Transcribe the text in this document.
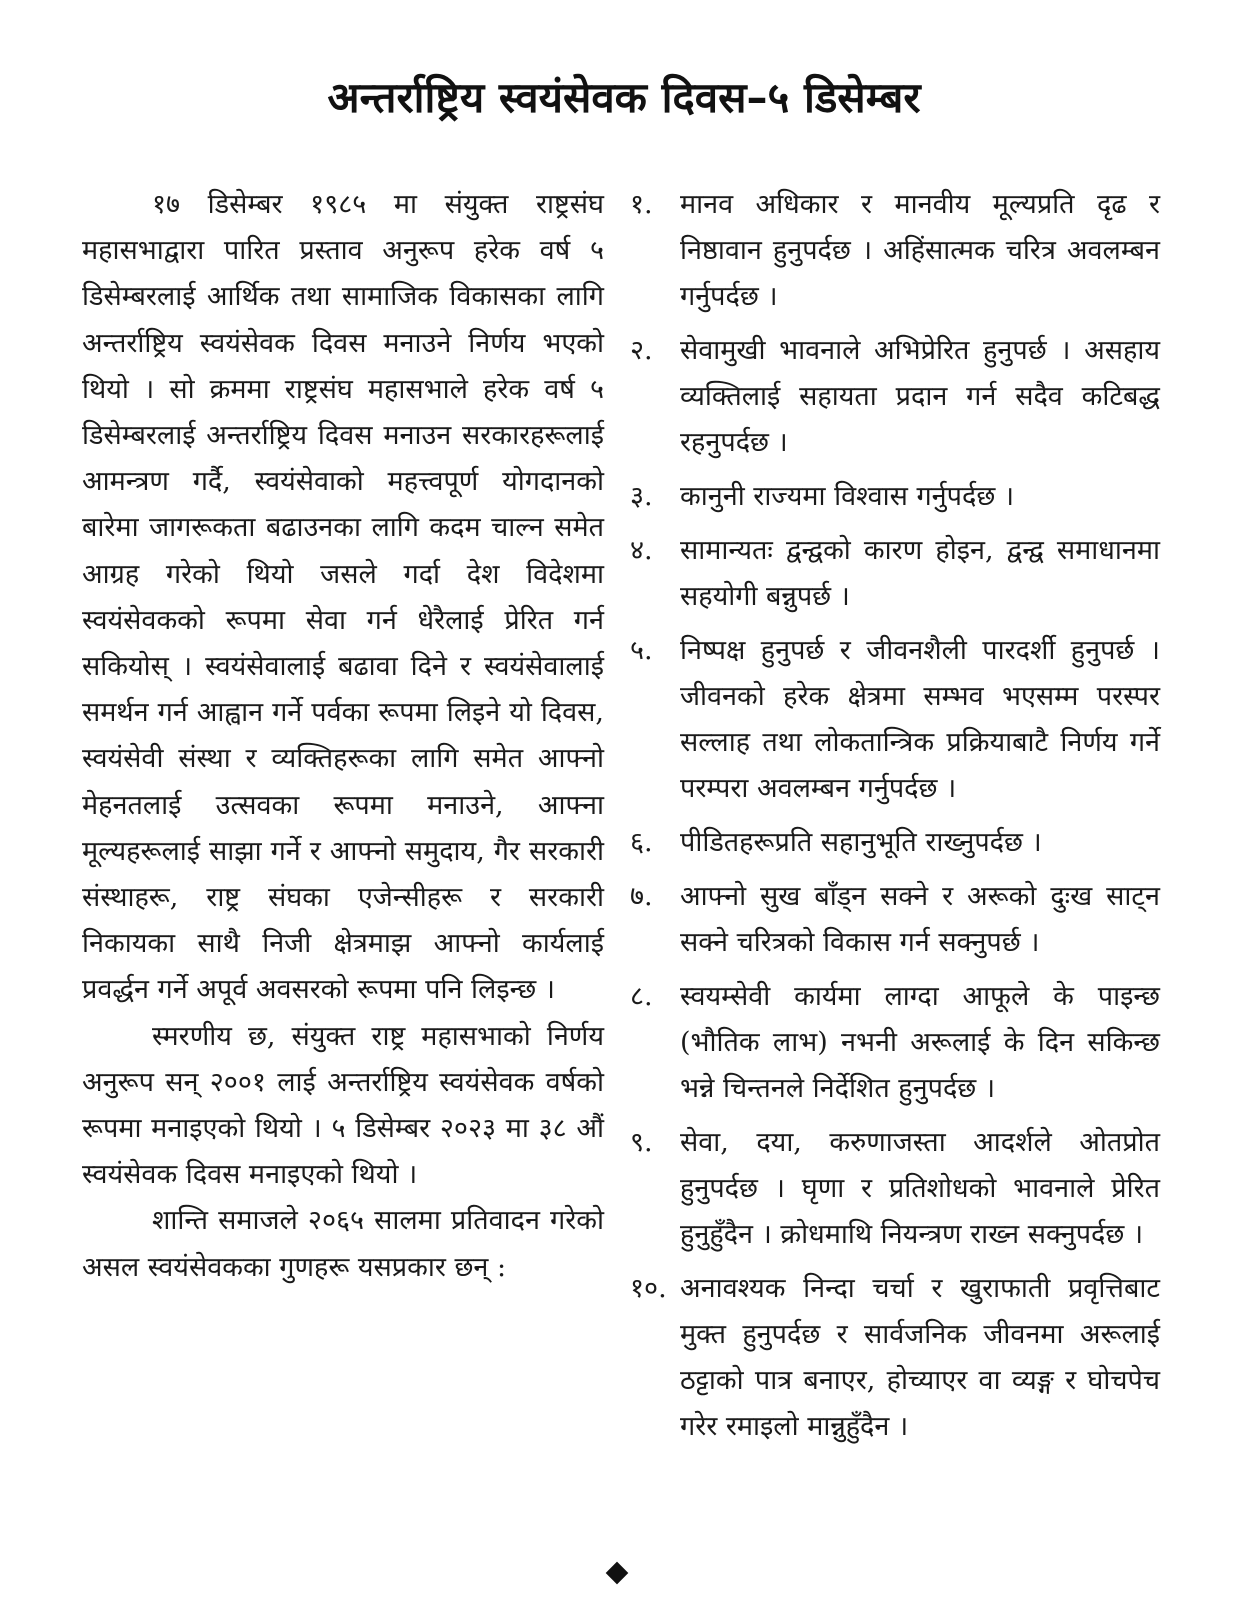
अन्तर्राष्ट्रिय स्वयंसेवक दिवस–५ डिसेम्बर

१७ डिसेम्बर १९८५ मा संयुक्त राष्ट्रसंघ महासभाद्वारा पारित प्रस्ताव अनुरूप हरेक वर्ष ५ डिसेम्बरलाई आर्थिक तथा सामाजिक विकासका लागि अन्तर्राष्ट्रिय स्वयंसेवक दिवस मनाउने निर्णय भएको थियो । सो क्रममा राष्ट्रसंघ महासभाले हरेक वर्ष ५ डिसेम्बरलाई अन्तर्राष्ट्रिय दिवस मनाउन सरकारहरूलाई आमन्त्रण गर्दै, स्वयंसेवाको महत्त्वपूर्ण योगदानको बारेमा जागरूकता बढाउनका लागि कदम चाल्न समेत आग्रह गरेको थियो जसले गर्दा देश विदेशमा स्वयंसेवकको रूपमा सेवा गर्न धेरैलाई प्रेरित गर्न सकियोस् । स्वयंसेवालाई बढावा दिने र स्वयंसेवालाई समर्थन गर्न आह्वान गर्ने पर्वका रूपमा लिइने यो दिवस, स्वयंसेवी संस्था र व्यक्तिहरूका लागि समेत आफ्नो मेहनतलाई उत्सवका रूपमा मनाउने, आफ्ना मूल्यहरूलाई साझा गर्ने र आफ्नो समुदाय, गैर सरकारी संस्थाहरू, राष्ट्र संघका एजेन्सीहरू र सरकारी निकायका साथै निजी क्षेत्रमाझ आफ्नो कार्यलाई प्रवर्द्धन गर्ने अपूर्व अवसरको रूपमा पनि लिइन्छ ।

स्मरणीय छ, संयुक्त राष्ट्र महासभाको निर्णय अनुरूप सन् २००१ लाई अन्तर्राष्ट्रिय स्वयंसेवक वर्षको रूपमा मनाइएको थियो । ५ डिसेम्बर २०२३ मा ३८ औं स्वयंसेवक दिवस मनाइएको थियो ।

शान्ति समाजले २०६५ सालमा प्रतिवादन गरेको असल स्वयंसेवकका गुणहरू यसप्रकार छन् :

१.	मानव अधिकार र मानवीय मूल्यप्रति दृढ र निष्ठावान हुनुपर्दछ । अहिंसात्मक चरित्र अवलम्बन गर्नुपर्दछ ।
२.	सेवामुखी भावनाले अभिप्रेरित हुनुपर्छ । असहाय व्यक्तिलाई सहायता प्रदान गर्न सदैव कटिबद्ध रहनुपर्दछ ।
३.	कानुनी राज्यमा विश्वास गर्नुपर्दछ ।
४.	सामान्यतः द्वन्द्वको कारण होइन, द्वन्द्व समाधानमा सहयोगी बन्नुपर्छ ।
५.	निष्पक्ष हुनुपर्छ र जीवनशैली पारदर्शी हुनुपर्छ । जीवनको हरेक क्षेत्रमा सम्भव भएसम्म परस्पर सल्लाह तथा लोकतान्त्रिक प्रक्रियाबाटै निर्णय गर्ने परम्परा अवलम्बन गर्नुपर्दछ ।
६.	पीडितहरूप्रति सहानुभूति राख्नुपर्दछ ।
७.	आफ्नो सुख बाँड्न सक्ने र अरूको दुःख साट्न सक्ने चरित्रको विकास गर्न सक्नुपर्छ ।
८.	स्वयम्सेवी कार्यमा लाग्दा आफूले के पाइन्छ (भौतिक लाभ) नभनी अरूलाई के दिन सकिन्छ भन्ने चिन्तनले निर्देशित हुनुपर्दछ ।
९.	सेवा, दया, करुणाजस्ता आदर्शले ओतप्रोत हुनुपर्दछ । घृणा र प्रतिशोधको भावनाले प्रेरित हुनुहुँदैन । क्रोधमाथि नियन्त्रण राख्न सक्नुपर्दछ ।
१०. अनावश्यक निन्दा चर्चा र खुराफाती प्रवृत्तिबाट मुक्त हुनुपर्दछ र सार्वजनिक जीवनमा अरूलाई ठट्टाको पात्र बनाएर, होच्याएर वा व्यङ्ग र घोचपेच गरेर रमाइलो मान्नुहुँदैन ।
